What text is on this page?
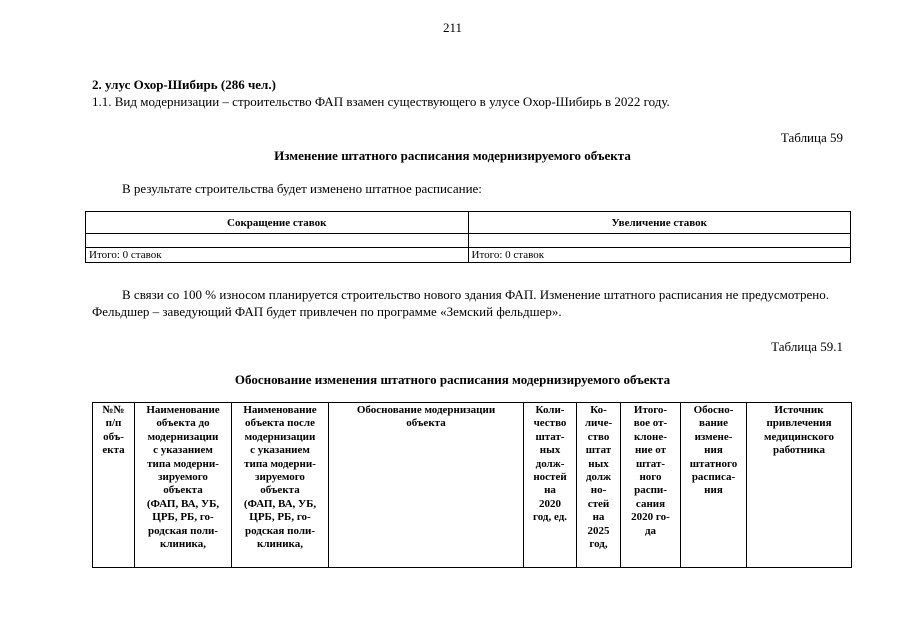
211
2. улус Охор-Шибирь (286 чел.)
1.1. Вид модернизации – строительство ФАП взамен существующего в улусе Охор-Шибирь в 2022 году.
Таблица 59
Изменение штатного расписания модернизируемого объекта
В результате строительства будет изменено штатное расписание:
Сокращение ставок	Увеличение ставок

Итого: 0 ставок	Итого: 0 ставок
В связи со 100 % износом планируется строительство нового здания ФАП. Изменение штатного расписания не предусмотрено. Фельдшер – заведующий ФАП будет привлечен по программе «Земский фельдшер».
Таблица 59.1
Обоснование изменения штатного расписания модернизируемого объекта
№№
п/п
объ-
екта	Наименование
объекта до
модернизации
с указанием
типа модерни-
зируемого
объекта
(ФАП, ВА, УБ,
ЦРБ, РБ, го-
родская поли-
клиника,	Наименование
объекта после
модернизации
с указанием
типа модерни-
зируемого
объекта
(ФАП, ВА, УБ,
ЦРБ, РБ, го-
родская поли-
клиника,	Обоснование модернизации
объекта	Коли-
чество
штат-
ных
долж-
ностей
на
2020
год, ед.	Ко-
личе-
ство
штат
ных
долж
но-
стей
на
2025
год,	Итого-
вое от-
клоне-
ние от
штат-
ного
распи-
сания
2020 го-
да	Обосно-
вание
измене-
ния
штатного
расписа-
ния	Источник
привлечения
медицинского
работника
